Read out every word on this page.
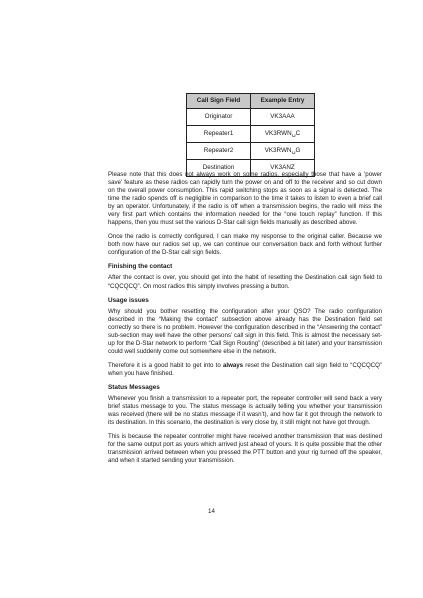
Call Sign Field	Example Entry
Originator	VK3AAA
Repeater1	VK3RWN␣C
Repeater2	VK3RWN␣G
Destination	VK3ANZ

Please note that this does not always work on some radios, especially those that have a ‘power save’ feature as these radios can rapidly turn the power on and off to the receiver and so cut down on the overall power consumption. This rapid switching stops as soon as a signal is detected. The time the radio spends off is negligible in comparison to the time it takes to listen to even a brief call by an operator. Unfortunately, if the radio is off when a transmission begins, the radio will miss the very first part which contains the information needed for the “one touch replay” function. If this happens, then you must set the various D-Star call sign fields manually as described above.

Once the radio is correctly configured, I can make my response to the original caller. Because we both now have our radios set up, we can continue our conversation back and forth without further configuration of the D-Star call sign fields.

Finishing the contact

After the contact is over, you should get into the habit of resetting the Destination call sign field to “CQCQCQ”. On most radios this simply involves pressing a button.

Usage issues

Why should you bother resetting the configuration after your QSO? The radio configuration described in the “Making the contact” subsection above already has the Destination field set correctly so there is no problem. However the configuration described in the “Answering the contact” sub-section may well have the other persons’ call sign in this field. This is almost the necessary set-up for the D-Star network to perform “Call Sign Routing” (described a bit later) and your transmission could well suddenly come out somewhere else in the network.

Therefore it is a good habit to get into to always reset the Destination call sign field to “CQCQCQ” when you have finished.

Status Messages

Whenever you finish a transmission to a repeater port, the repeater controller will send back a very brief status message to you. The status message is actually telling you whether your transmission was received (there will be no status message if it wasn’t), and how far it got through the network to its destination. In this scenario, the destination is very close by, it still might not have got through.

This is because the repeater controller might have received another transmission that was destined for the same output port as yours which arrived just ahead of yours. It is quite possible that the other transmission arrived between when you pressed the PTT button and your rig turned off the speaker, and when it started sending your transmission.

14
